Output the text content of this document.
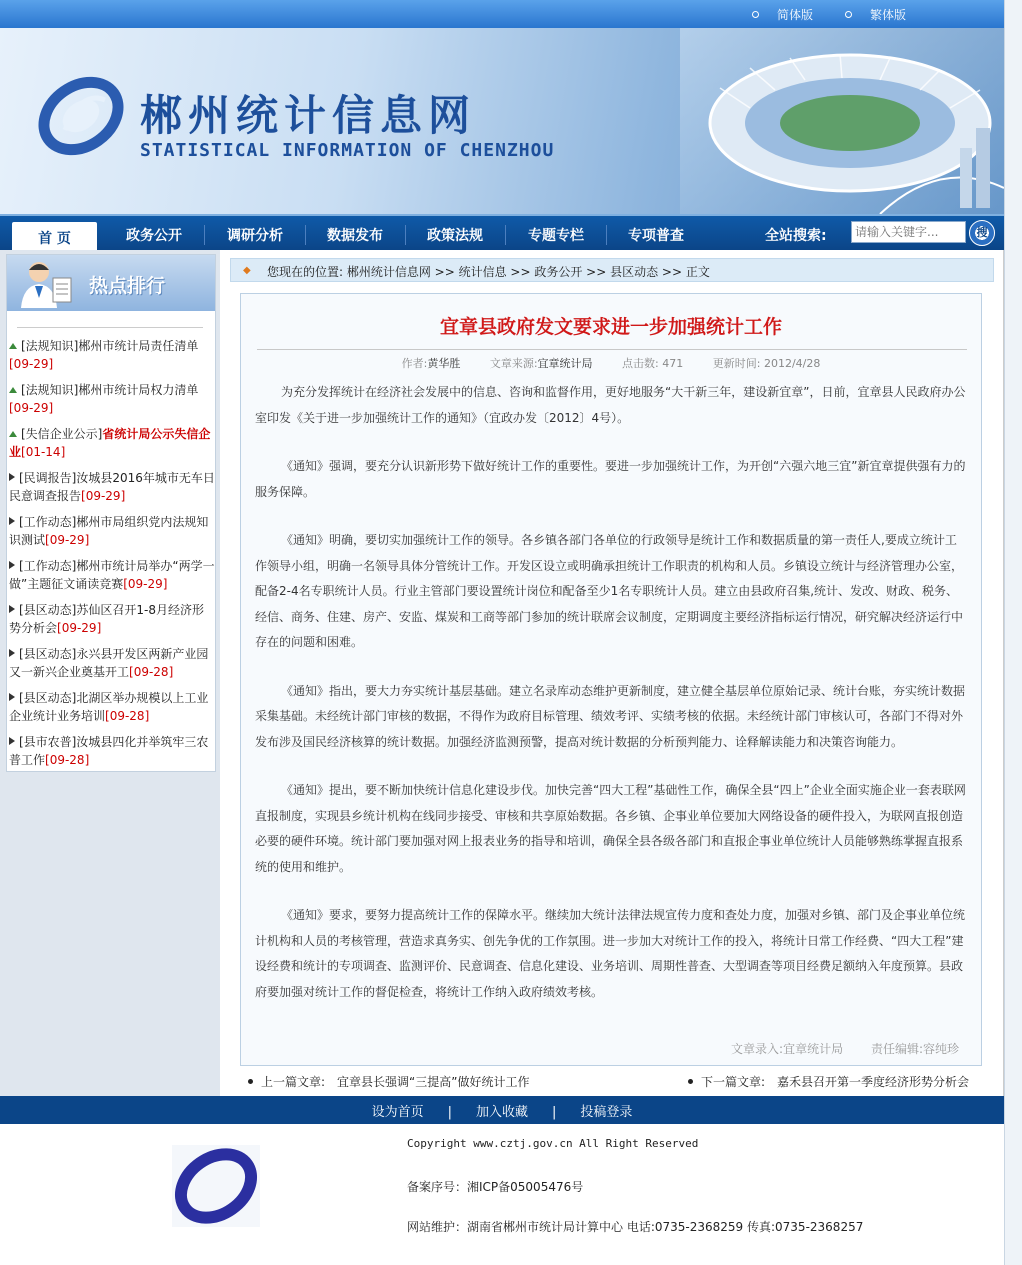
简体版	繁体版
郴州统计信息网
STATISTICAL INFORMATION OF CHENZHOU
首 页	政务公开	调研分析	数据发布	政策法规	专题专栏	专项普查	全站搜索:
请输入关键字...	搜
热点排行
[法规知识]郴州市统计局责任清单
[09-29]
[法规知识]郴州市统计局权力清单
[09-29]
[失信企业公示]省统计局公示失信企业[01-14]
[民调报告]汝城县2016年城市无车日民意调查报告[09-29]
[工作动态]郴州市局组织党内法规知识测试[09-29]
[工作动态]郴州市统计局举办“两学一做”主题征文诵读竞赛[09-29]
[县区动态]苏仙区召开1-8月经济形势分析会[09-29]
[县区动态]永兴县开发区两新产业园又一新兴企业奠基开工[09-28]
[县区动态]北湖区举办规模以上工业企业统计业务培训[09-28]
[县市农普]汝城县四化并举筑牢三农普工作[09-28]
◆ 您现在的位置: 郴州统计信息网 >> 统计信息 >> 政务公开 >> 县区动态 >> 正文
宜章县政府发文要求进一步加强统计工作
作者:黄华胜	文章来源:宜章统计局	点击数: 471	更新时间: 2012/4/28

为充分发挥统计在经济社会发展中的信息、咨询和监督作用，更好地服务“大干新三年，建设新宜章”，日前，宜章县人民政府办公室印发《关于进一步加强统计工作的通知》（宜政办发〔2012〕4号）。

《通知》强调，要充分认识新形势下做好统计工作的重要性。要进一步加强统计工作，为开创“六强六地三宜”新宜章提供强有力的服务保障。

《通知》明确，要切实加强统计工作的领导。各乡镇各部门各单位的行政领导是统计工作和数据质量的第一责任人,要成立统计工作领导小组，明确一名领导具体分管统计工作。开发区设立或明确承担统计工作职责的机构和人员。乡镇设立统计与经济管理办公室，配备2-4名专职统计人员。行业主管部门要设置统计岗位和配备至少1名专职统计人员。建立由县政府召集,统计、发改、财政、税务、经信、商务、住建、房产、安监、煤炭和工商等部门参加的统计联席会议制度，定期调度主要经济指标运行情况，研究解决经济运行中存在的问题和困难。

《通知》指出，要大力夯实统计基层基础。建立名录库动态维护更新制度，建立健全基层单位原始记录、统计台账，夯实统计数据采集基础。未经统计部门审核的数据，不得作为政府目标管理、绩效考评、实绩考核的依据。未经统计部门审核认可，各部门不得对外发布涉及国民经济核算的统计数据。加强经济监测预警，提高对统计数据的分析预判能力、诠释解读能力和决策咨询能力。

《通知》提出，要不断加快统计信息化建设步伐。加快完善“四大工程”基础性工作，确保全县“四上”企业全面实施企业一套表联网直报制度，实现县乡统计机构在线同步接受、审核和共享原始数据。各乡镇、企事业单位要加大网络设备的硬件投入，为联网直报创造必要的硬件环境。统计部门要加强对网上报表业务的指导和培训，确保全县各级各部门和直报企事业单位统计人员能够熟练掌握直报系统的使用和维护。

《通知》要求，要努力提高统计工作的保障水平。继续加大统计法律法规宣传力度和查处力度，加强对乡镇、部门及企事业单位统计机构和人员的考核管理，营造求真务实、创先争优的工作氛围。进一步加大对统计工作的投入，将统计日常工作经费、“四大工程”建设经费和统计的专项调查、监测评价、民意调查、信息化建设、业务培训、周期性普查、大型调查等项目经费足额纳入年度预算。县政府要加强对统计工作的督促检查，将统计工作纳入政府绩效考核。

文章录入:宜章统计局 责任编辑:容纯珍
上一篇文章: 宜章县长强调“三提高”做好统计工作	下一篇文章: 嘉禾县召开第一季度经济形势分析会
设为首页 | 加入收藏 | 投稿登录
Copyright www.cztj.gov.cn All Right Reserved
备案序号：湘ICP备05005476号
网站维护：湖南省郴州市统计局计算中心 电话:0735-2368259 传真:0735-2368257
